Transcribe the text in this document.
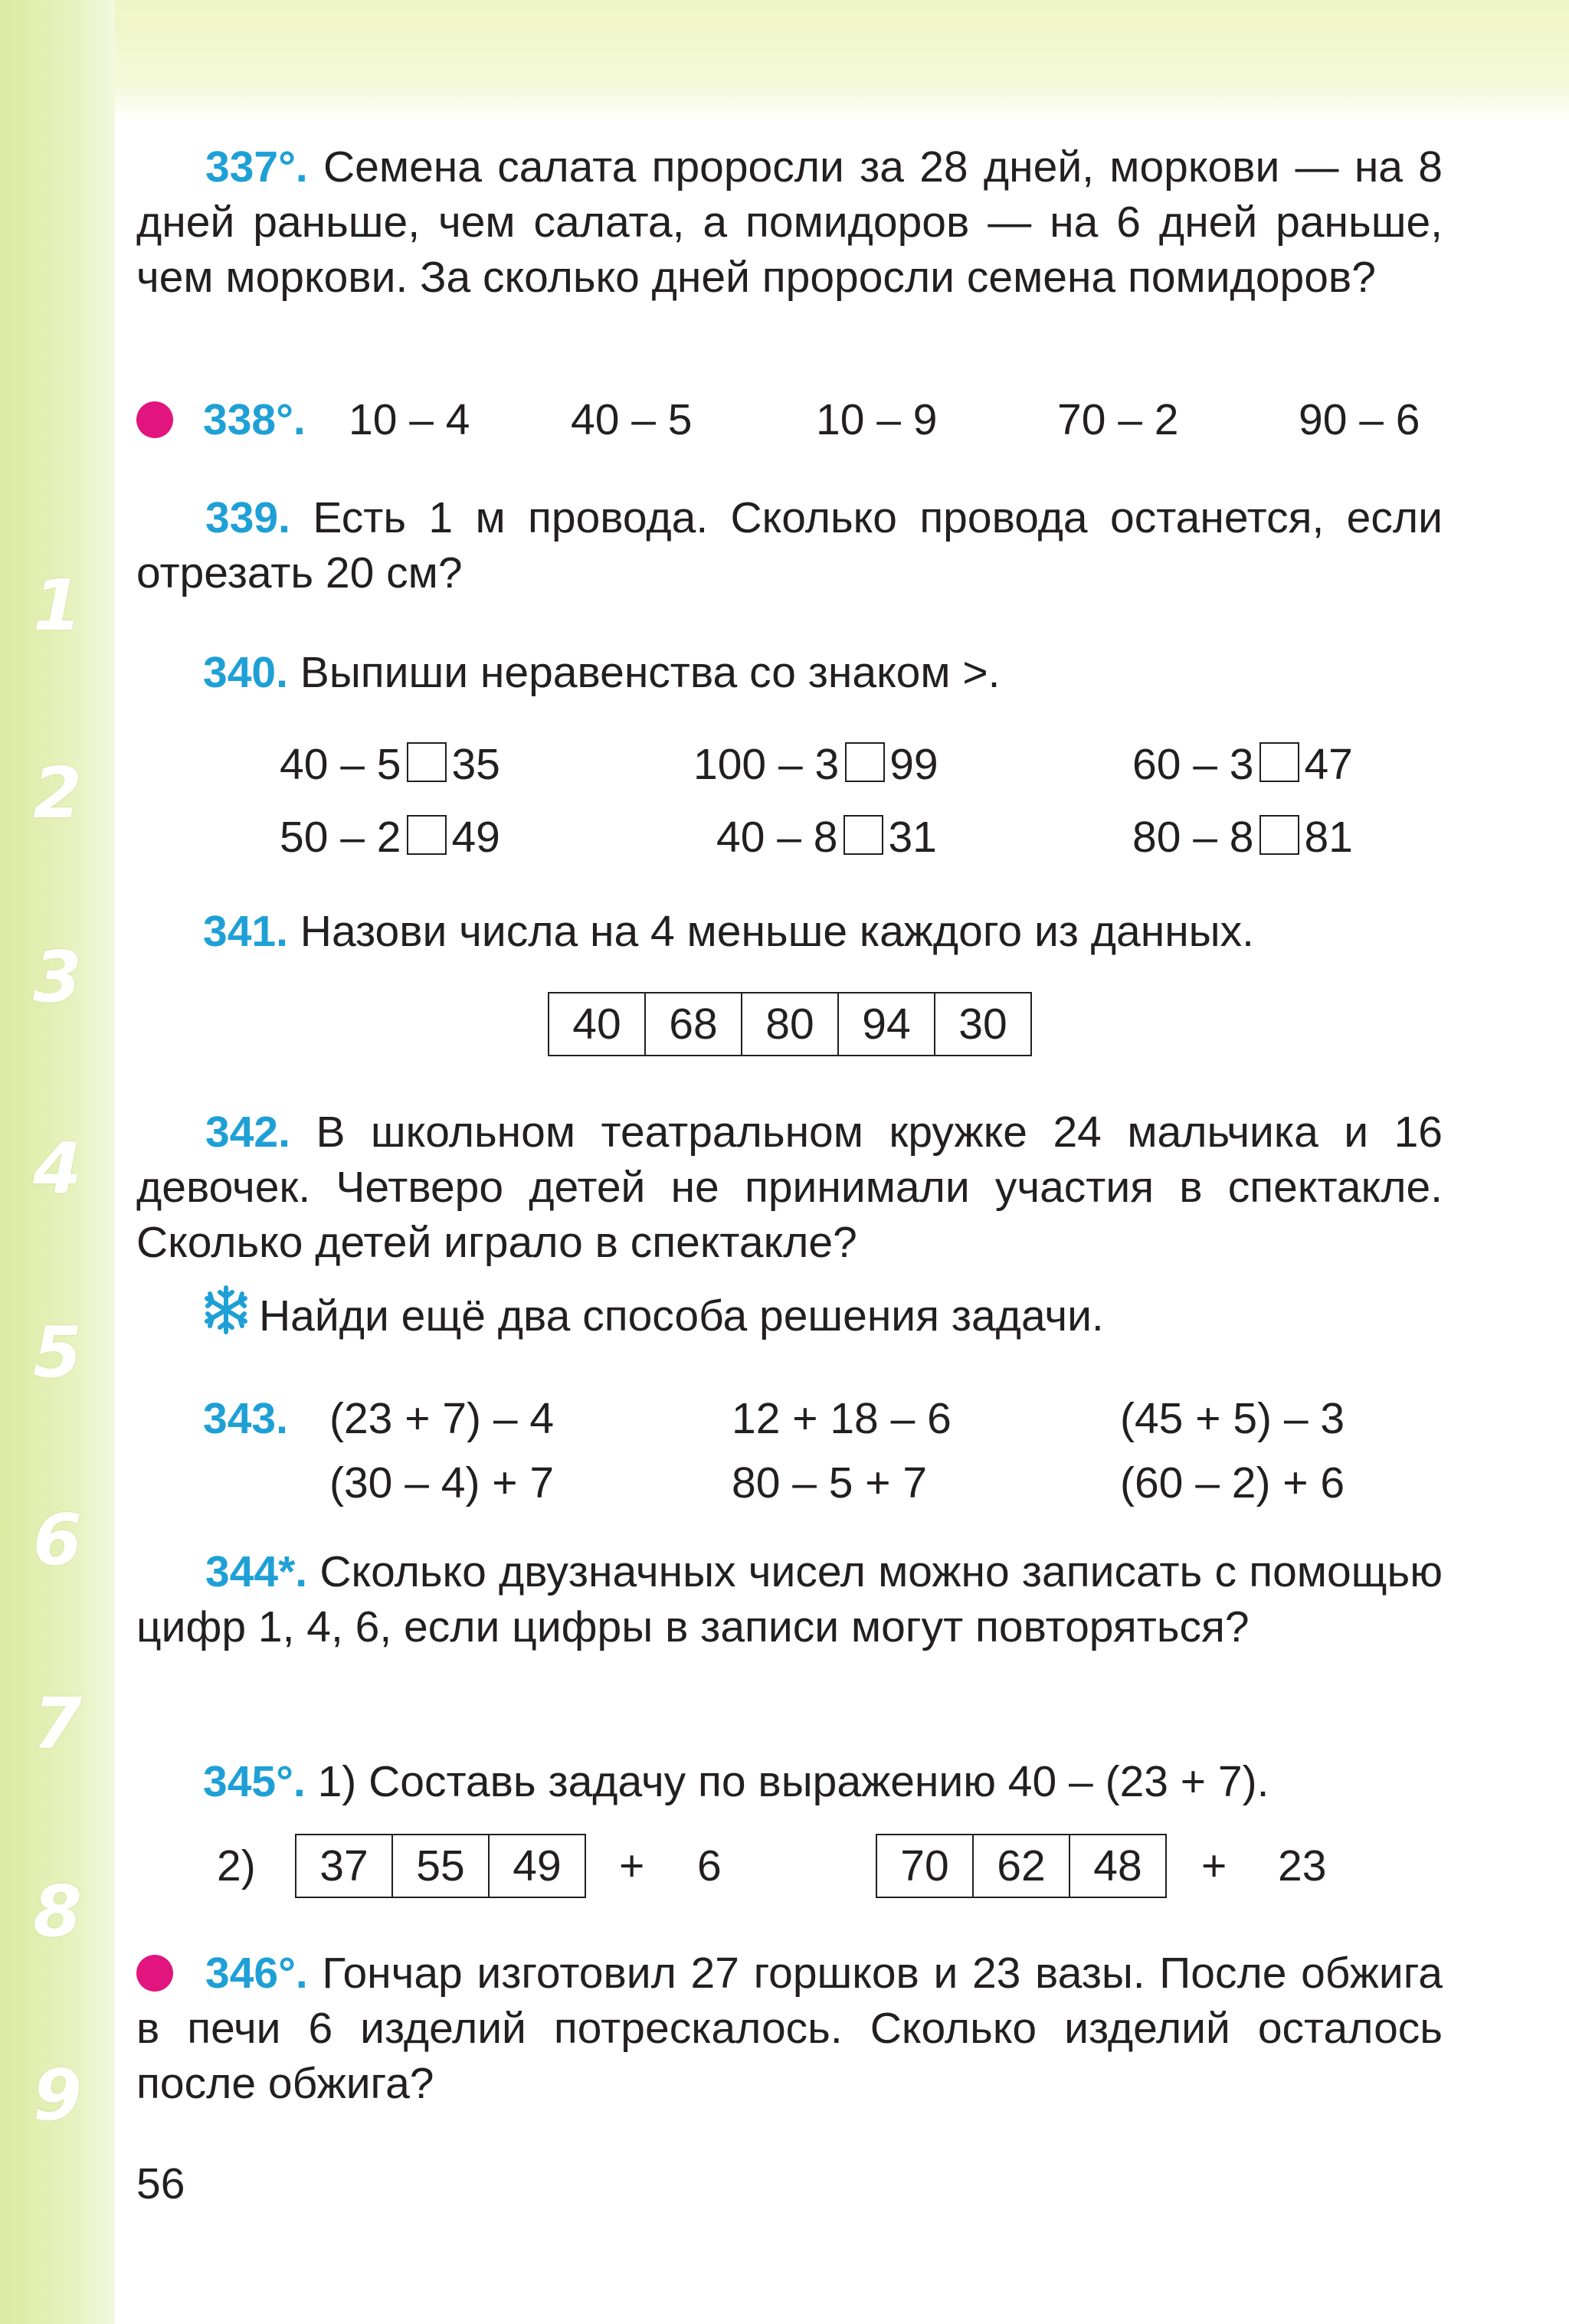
1
2
3
4
5
6
7
8
9
337°. Семена салата проросли за 28 дней, моркови — на 8 дней раньше, чем салата, а помидоров — на 6 дней раньше, чем моркови. За сколько дней проросли семена помидоров?
338°. 10 – 4 40 – 5	10 – 9	70 – 2	90 – 6
339. Есть 1 м провода. Сколько провода останется, если отрезать 20 см?
340. Выпиши неравенства со знаком >.
40 – 5 35	100 – 3 99	60 – 3 47
50 – 2 49	40 – 8 31	80 – 8 81
341. Назови числа на 4 меньше каждого из данных.
40	68	80	94	30
342. В школьном театральном кружке 24 мальчика и 16 девочек. Четверо детей не принимали участия в спектакле. Сколько детей играло в спектакле?
Найди ещё два способа решения задачи.
343. (23 + 7) – 4	12 + 18 – 6	(45 + 5) – 3
(30 – 4) + 7	80 – 5 + 7	(60 – 2) + 6
344*. Сколько двузначных чисел можно записать с помощью цифр 1, 4, 6, если цифры в записи могут повторяться?
345°. 1) Составь задачу по выражению 40 – (23 + 7).
2)	37	55	49	+ 6	70	62	48	+ 23
346°. Гончар изготовил 27 горшков и 23 вазы. После обжига в печи 6 изделий потрескалось. Сколько изделий осталось после обжига?
56
